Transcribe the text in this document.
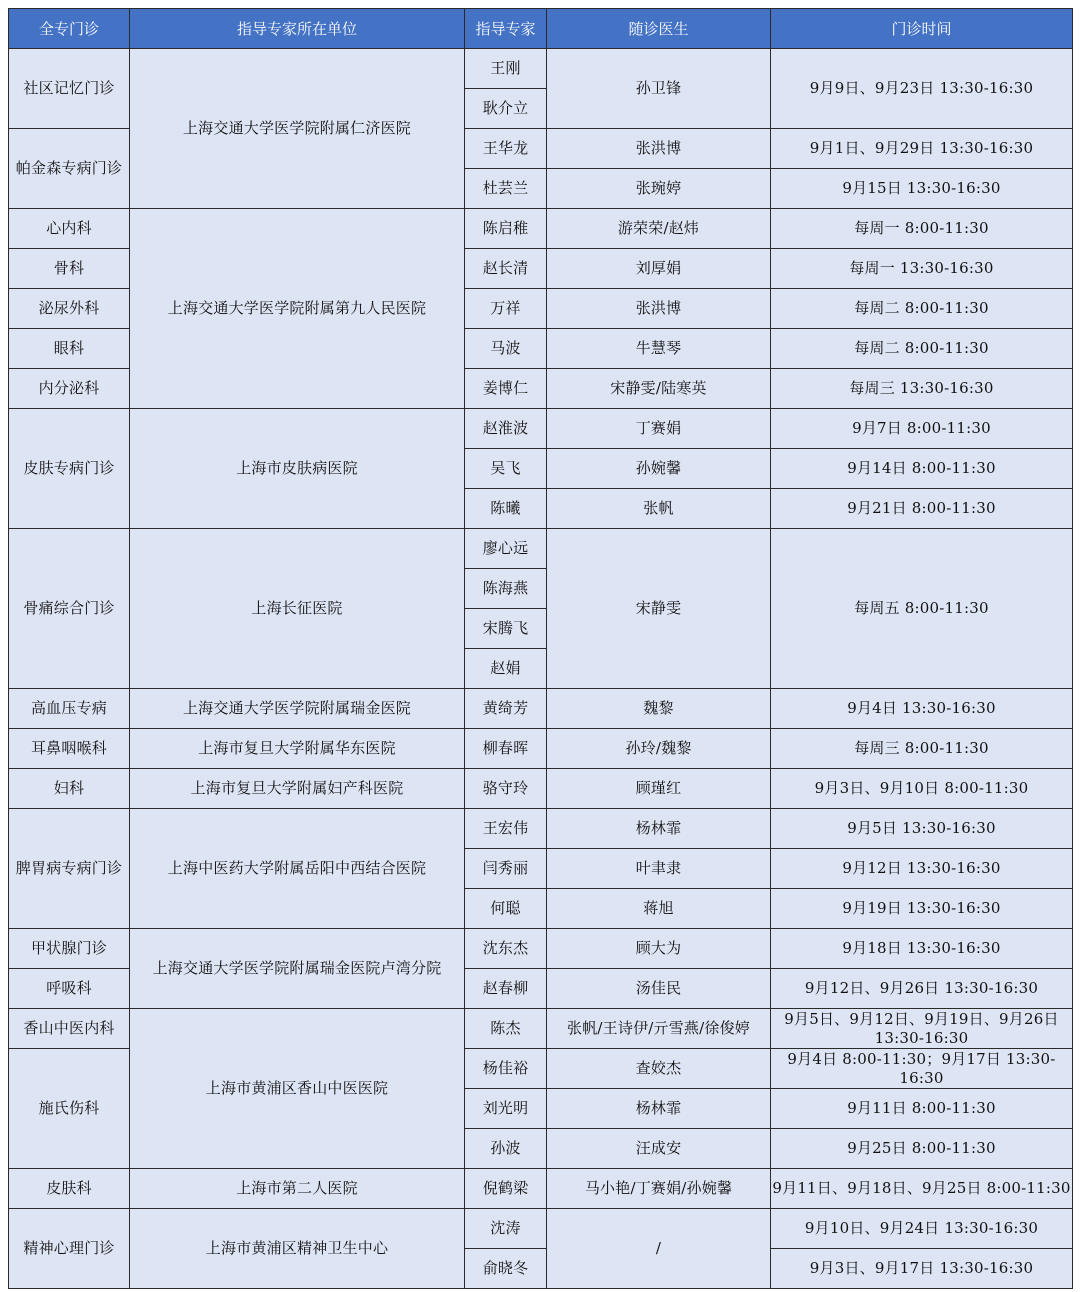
全专门诊	指导专家所在单位	指导专家	随诊医生	门诊时间
社区记忆门诊	上海交通大学医学院附属仁济医院	王刚	孙卫锋	9月9日、9月23日 13:30-16:30
		耿介立		
帕金森专病门诊		王华龙	张洪博	9月1日、9月29日 13:30-16:30
		杜芸兰	张琬婷	9月15日 13:30-16:30
心内科	上海交通大学医学院附属第九人民医院	陈启稚	游荣荣/赵炜	每周一 8:00-11:30
骨科		赵长清	刘厚娟	每周一 13:30-16:30
泌尿外科		万祥	张洪博	每周二 8:00-11:30
眼科		马波	牛慧琴	每周二 8:00-11:30
内分泌科		姜博仁	宋静雯/陆寒英	每周三 13:30-16:30
皮肤专病门诊	上海市皮肤病医院	赵淮波	丁赛娟	9月7日 8:00-11:30
		吴飞	孙婉馨	9月14日 8:00-11:30
		陈曦	张帆	9月21日 8:00-11:30
骨痛综合门诊	上海长征医院	廖心远	宋静雯	每周五 8:00-11:30
		陈海燕		
		宋腾飞		
		赵娟		
高血压专病	上海交通大学医学院附属瑞金医院	黄绮芳	魏黎	9月4日 13:30-16:30
耳鼻咽喉科	上海市复旦大学附属华东医院	柳春晖	孙玲/魏黎	每周三 8:00-11:30
妇科	上海市复旦大学附属妇产科医院	骆守玲	顾瑾红	9月3日、9月10日 8:00-11:30
脾胃病专病门诊	上海中医药大学附属岳阳中西结合医院	王宏伟	杨林霏	9月5日 13:30-16:30
		闫秀丽	叶聿隶	9月12日 13:30-16:30
		何聪	蒋旭	9月19日 13:30-16:30
甲状腺门诊	上海交通大学医学院附属瑞金医院卢湾分院	沈东杰	顾大为	9月18日 13:30-16:30
呼吸科		赵春柳	汤佳民	9月12日、9月26日 13:30-16:30
香山中医内科	上海市黄浦区香山中医医院	陈杰	张帆/王诗伊/亓雪燕/徐俊婷	9月5日、9月12日、9月19日、9月26日 13:30-16:30
施氏伤科		杨佳裕	查姣杰	9月4日 8:00-11:30；9月17日 13:30-16:30
		刘光明	杨林霏	9月11日 8:00-11:30
		孙波	汪成安	9月25日 8:00-11:30
皮肤科	上海市第二人医院	倪鹤梁	马小艳/丁赛娟/孙婉馨	9月11日、9月18日、9月25日 8:00-11:30
精神心理门诊	上海市黄浦区精神卫生中心	沈涛	/	9月10日、9月24日 13:30-16:30
		俞晓冬		9月3日、9月17日 13:30-16:30
